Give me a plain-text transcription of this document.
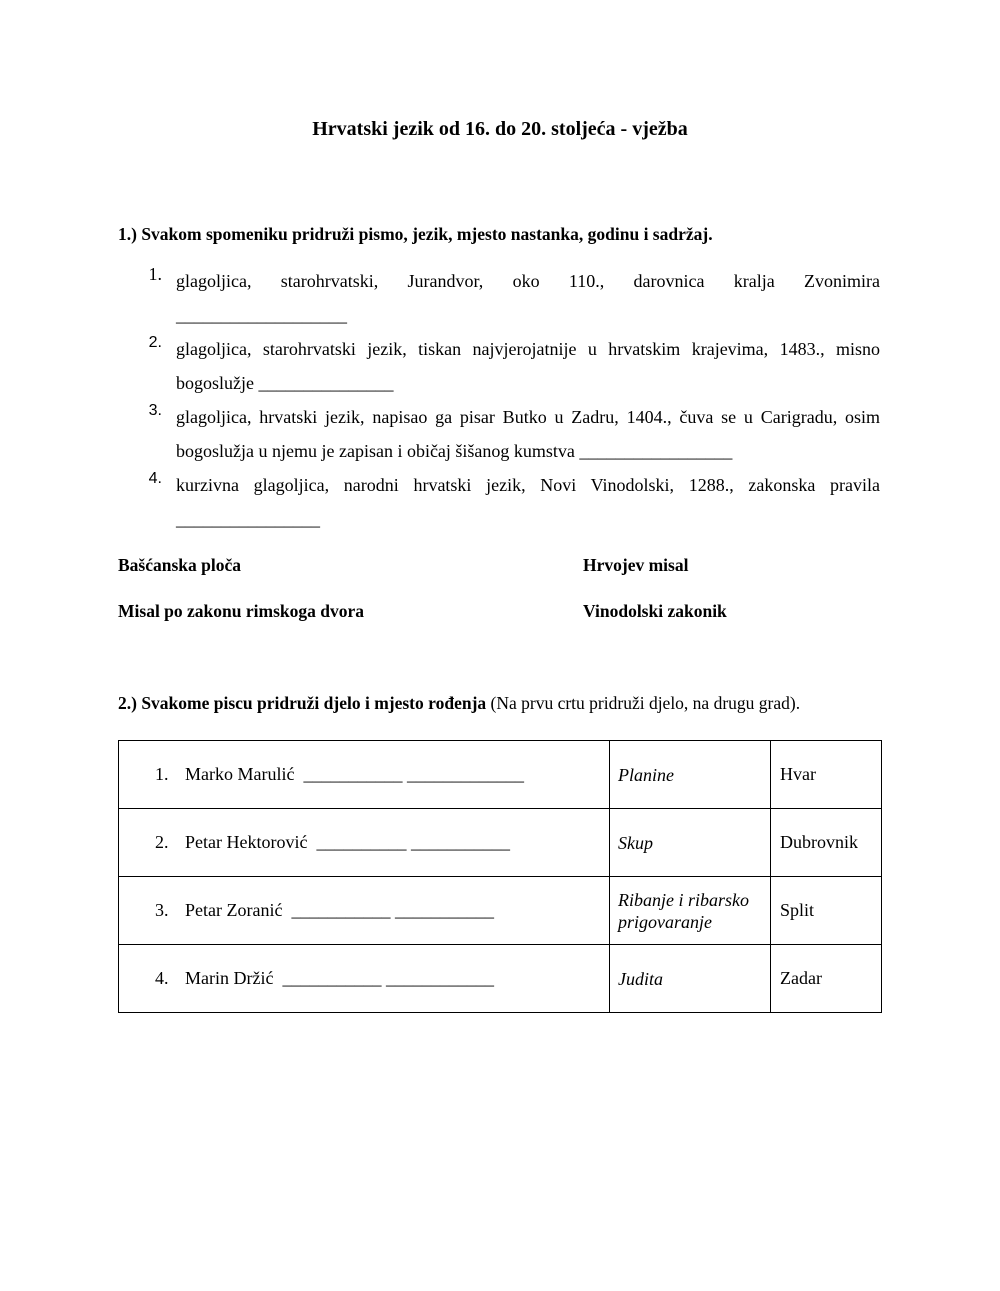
Hrvatski jezik od 16. do 20. stoljeća - vježba
1.) Svakom spomeniku pridruži pismo, jezik, mjesto nastanka, godinu i sadržaj.
1. glagoljica, starohrvatski, Jurandvor, oko 110., darovnica kralja Zvonimira
___________________
2. glagoljica, starohrvatski jezik, tiskan najvjerojatnije u hrvatskim krajevima, 1483., misno
bogoslužje _______________
3. glagoljica, hrvatski jezik, napisao ga pisar Butko u Zadru, 1404., čuva se u Carigradu, osim
bogoslužja u njemu je zapisan i običaj šišanog kumstva _________________
4. kurzivna glagoljica, narodni hrvatski jezik, Novi Vinodolski, 1288., zakonska pravila
________________
Bašćanska ploča	Hrvojev misal
Misal po zakonu rimskoga dvora	Vinodolski zakonik
2.) Svakome piscu pridruži djelo i mjesto rođenja (Na prvu crtu pridruži djelo, na drugu grad).
1. Marko Marulić ___________ _____________	Planine	Hvar
2. Petar Hektorović __________ ___________	Skup	Dubrovnik
3. Petar Zoranić ___________ ___________	Ribanje i ribarsko prigovaranje	Split
4. Marin Držić ___________ ____________	Judita	Zadar
